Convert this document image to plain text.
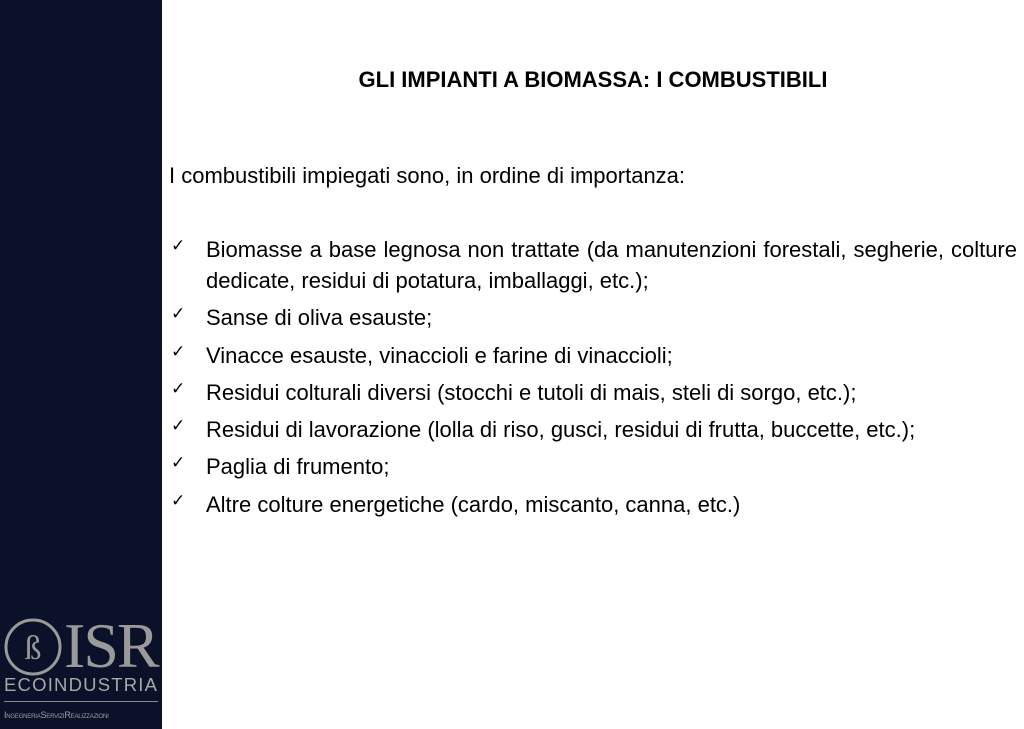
ß ISR
ECOINDUSTRIA
IngegneriaServiziRealizzazioni
GLI IMPIANTI A BIOMASSA: I COMBUSTIBILI
I combustibili impiegati sono, in ordine di importanza:
✓ Biomasse a base legnosa non trattate (da manutenzioni forestali, segherie, colture dedicate, residui di potatura, imballaggi, etc.);
✓ Sanse di oliva esauste;
✓ Vinacce esauste, vinaccioli e farine di vinaccioli;
✓ Residui colturali diversi (stocchi e tutoli di mais, steli di sorgo, etc.);
✓ Residui di lavorazione (lolla di riso, gusci, residui di frutta, buccette, etc.);
✓ Paglia di frumento;
✓ Altre colture energetiche (cardo, miscanto, canna, etc.)
